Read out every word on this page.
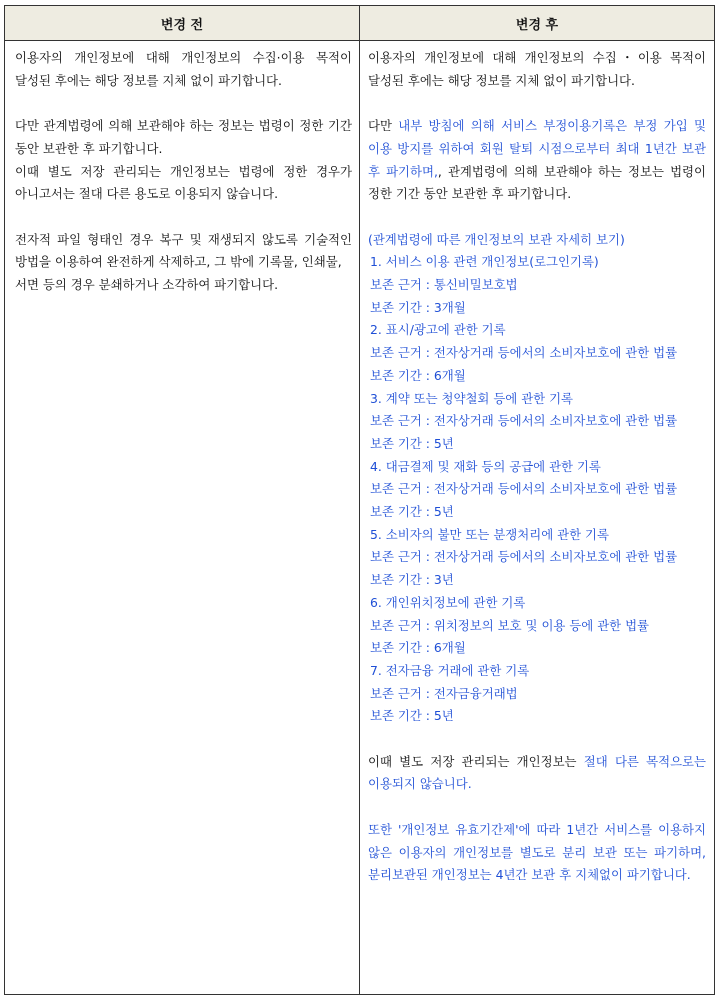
변경 전	변경 후

이용자의 개인정보에 대해 개인정보의 수집·이용 목적이 달성된 후에는 해당 정보를 지체 없이 파기합니다.

다만 관계법령에 의해 보관해야 하는 정보는 법령이 정한 기간 동안 보관한 후 파기합니다.

이때 별도 저장 관리되는 개인정보는 법령에 정한 경우가 아니고서는 절대 다른 용도로 이용되지 않습니다.

전자적 파일 형태인 경우 복구 및 재생되지 않도록 기술적인 방법을 이용하여 완전하게 삭제하고, 그 밖에 기록물, 인쇄물,

서면 등의 경우 분쇄하거나 소각하여 파기합니다.

이용자의 개인정보에 대해 개인정보의 수집・이용 목적이 달성된 후에는 해당 정보를 지체 없이 파기합니다.

다만 내부 방침에 의해 서비스 부정이용기록은 부정 가입 및 이용 방지를 위하여 회원 탈퇴 시점으로부터 최대 1년간 보관 후 파기하며,, 관계법령에 의해 보관해야 하는 정보는 법령이 정한 기간 동안 보관한 후 파기합니다.

(관계법령에 따른 개인정보의 보관 자세히 보기)

1. 서비스 이용 관련 개인정보(로그인기록)

보존 근거 : 통신비밀보호법

보존 기간 : 3개월

2. 표시/광고에 관한 기록

보존 근거 : 전자상거래 등에서의 소비자보호에 관한 법률

보존 기간 : 6개월

3. 계약 또는 청약철회 등에 관한 기록

보존 근거 : 전자상거래 등에서의 소비자보호에 관한 법률

보존 기간 : 5년

4. 대금결제 및 재화 등의 공급에 관한 기록

보존 근거 : 전자상거래 등에서의 소비자보호에 관한 법률

보존 기간 : 5년

5. 소비자의 불만 또는 분쟁처리에 관한 기록

보존 근거 : 전자상거래 등에서의 소비자보호에 관한 법률

보존 기간 : 3년

6. 개인위치정보에 관한 기록

보존 근거 : 위치정보의 보호 및 이용 등에 관한 법률

보존 기간 : 6개월

7. 전자금융 거래에 관한 기록

보존 근거 : 전자금융거래법

보존 기간 : 5년

이때 별도 저장 관리되는 개인정보는 절대 다른 목적으로는 이용되지 않습니다.

또한 '개인정보 유효기간제'에 따라 1년간 서비스를 이용하지 않은 이용자의 개인정보를 별도로 분리 보관 또는 파기하며, 분리보관된 개인정보는 4년간 보관 후 지체없이 파기합니다.
